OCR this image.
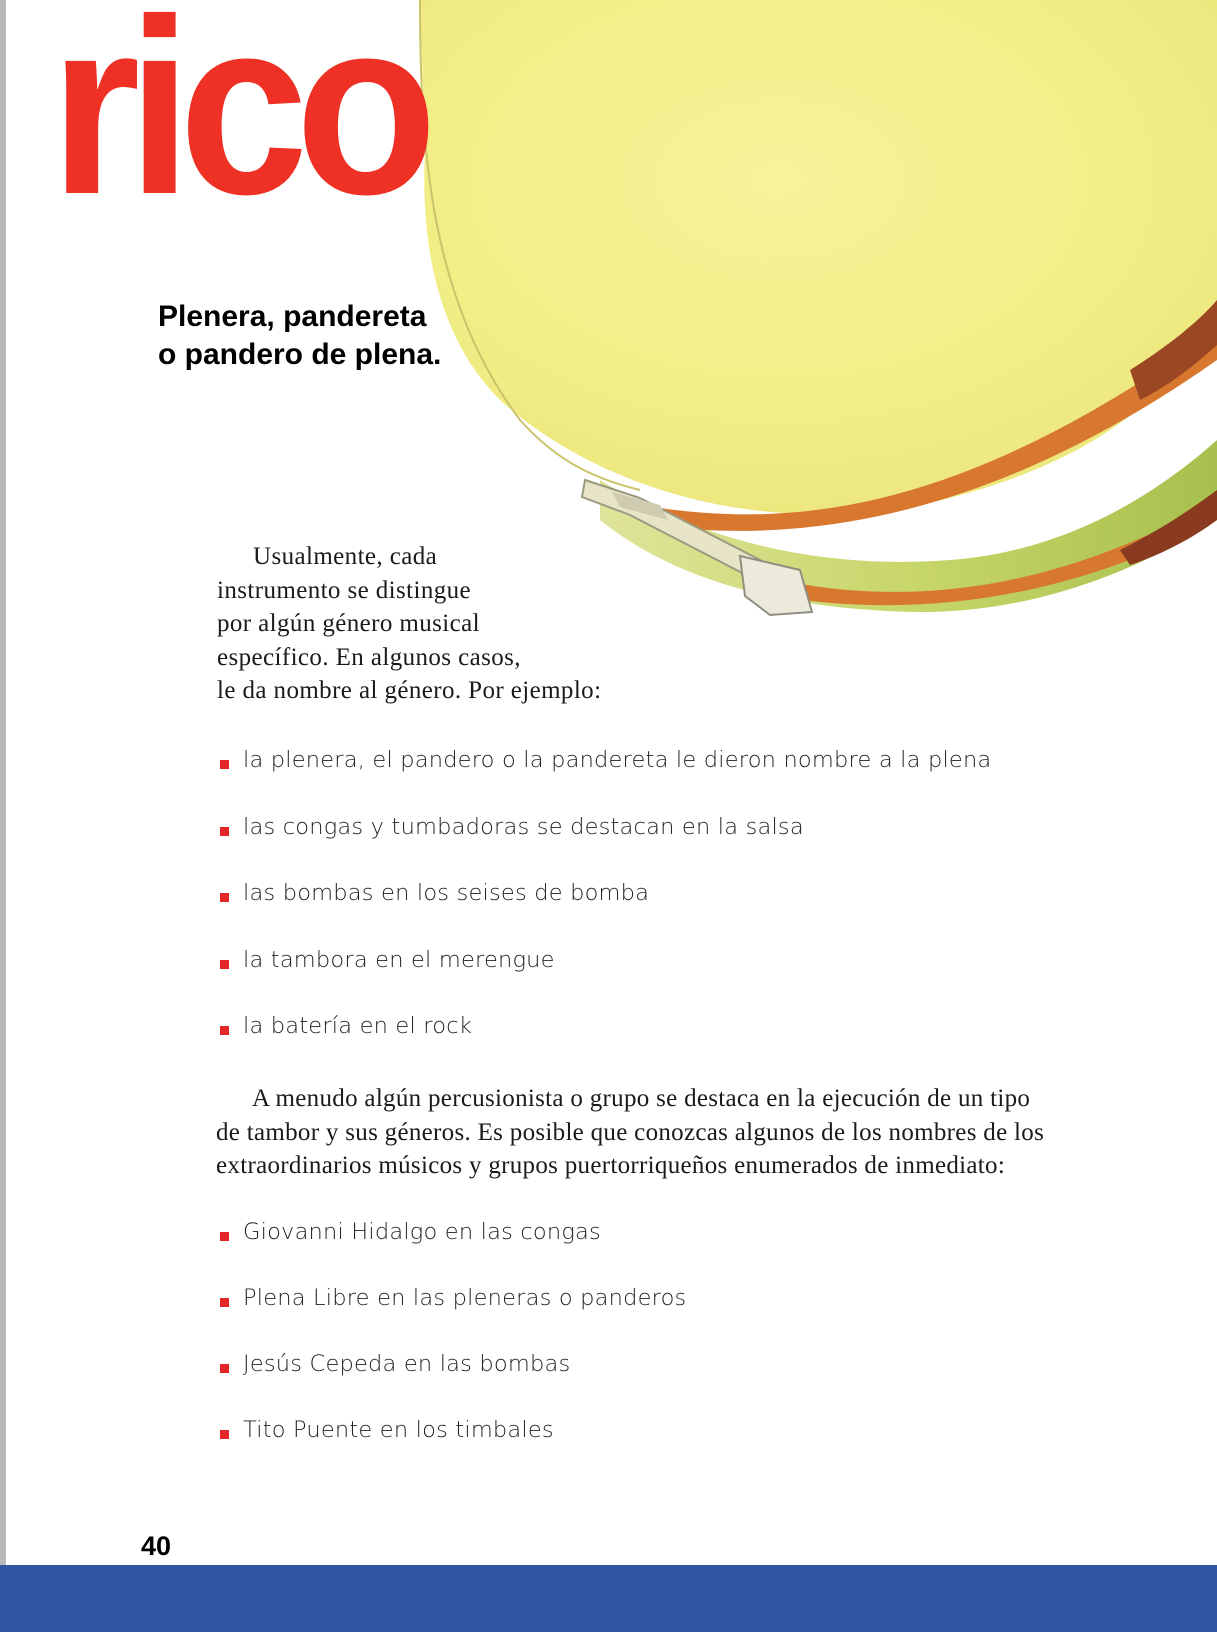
rico
Plenera, pandereta
o pandero de plena.
Usualmente, cada
instrumento se distingue
por algún género musical
específico. En algunos casos,
le da nombre al género. Por ejemplo:
la plenera, el pandero o la pandereta le dieron nombre a la plena
las congas y tumbadoras se destacan en la salsa
las bombas en los seises de bomba
la tambora en el merengue
la batería en el rock
A menudo algún percusionista o grupo se destaca en la ejecución de un tipo
de tambor y sus géneros. Es posible que conozcas algunos de los nombres de los
extraordinarios músicos y grupos puertorriqueños enumerados de inmediato:
Giovanni Hidalgo en las congas
Plena Libre en las pleneras o panderos
Jesús Cepeda en las bombas
Tito Puente en los timbales
40
